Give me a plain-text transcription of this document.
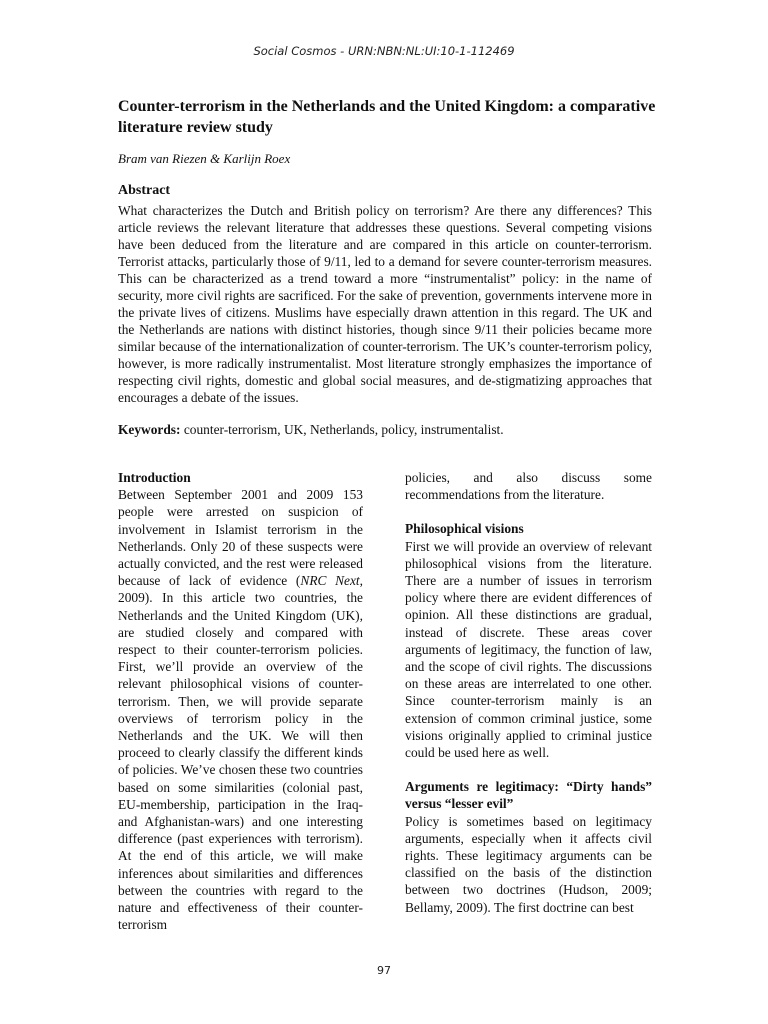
Social Cosmos - URN:NBN:NL:UI:10-1-112469
Counter-terrorism in the Netherlands and the United Kingdom: a comparative literature review study
Bram van Riezen & Karlijn Roex
Abstract
What characterizes the Dutch and British policy on terrorism? Are there any differences? This article reviews the relevant literature that addresses these questions. Several competing visions have been deduced from the literature and are compared in this article on counter-terrorism. Terrorist attacks, particularly those of 9/11, led to a demand for severe counter-terrorism measures. This can be characterized as a trend toward a more “instrumentalist” policy: in the name of security, more civil rights are sacrificed. For the sake of prevention, governments intervene more in the private lives of citizens. Muslims have especially drawn attention in this regard. The UK and the Netherlands are nations with distinct histories, though since 9/11 their policies became more similar because of the internationalization of counter-terrorism. The UK’s counter-terrorism policy, however, is more radically instrumentalist. Most literature strongly emphasizes the importance of respecting civil rights, domestic and global social measures, and de-stigmatizing approaches that encourages a debate of the issues.
Keywords: counter-terrorism, UK, Netherlands, policy, instrumentalist.
Introduction
Between September 2001 and 2009 153 people were arrested on suspicion of involvement in Islamist terrorism in the Netherlands. Only 20 of these suspects were actually convicted, and the rest were released because of lack of evidence (NRC Next, 2009). In this article two countries, the Netherlands and the United Kingdom (UK), are studied closely and compared with respect to their counter-terrorism policies. First, we’ll provide an overview of the relevant philosophical visions of counter-terrorism. Then, we will provide separate overviews of terrorism policy in the Netherlands and the UK. We will then proceed to clearly classify the different kinds of policies. We’ve chosen these two countries based on some similarities (colonial past, EU-membership, participation in the Iraq- and Afghanistan-wars) and one interesting difference (past experiences with terrorism). At the end of this article, we will make inferences about similarities and differences between the countries with regard to the nature and effectiveness of their counter-terrorism
policies, and also discuss some recommendations from the literature.
Philosophical visions
First we will provide an overview of relevant philosophical visions from the literature. There are a number of issues in terrorism policy where there are evident differences of opinion. All these distinctions are gradual, instead of discrete. These areas cover arguments of legitimacy, the function of law, and the scope of civil rights. The discussions on these areas are interrelated to one other. Since counter-terrorism mainly is an extension of common criminal justice, some visions originally applied to criminal justice could be used here as well.
Arguments re legitimacy: “Dirty hands” versus “lesser evil”
Policy is sometimes based on legitimacy arguments, especially when it affects civil rights. These legitimacy arguments can be classified on the basis of the distinction between two doctrines (Hudson, 2009; Bellamy, 2009). The first doctrine can best
97
